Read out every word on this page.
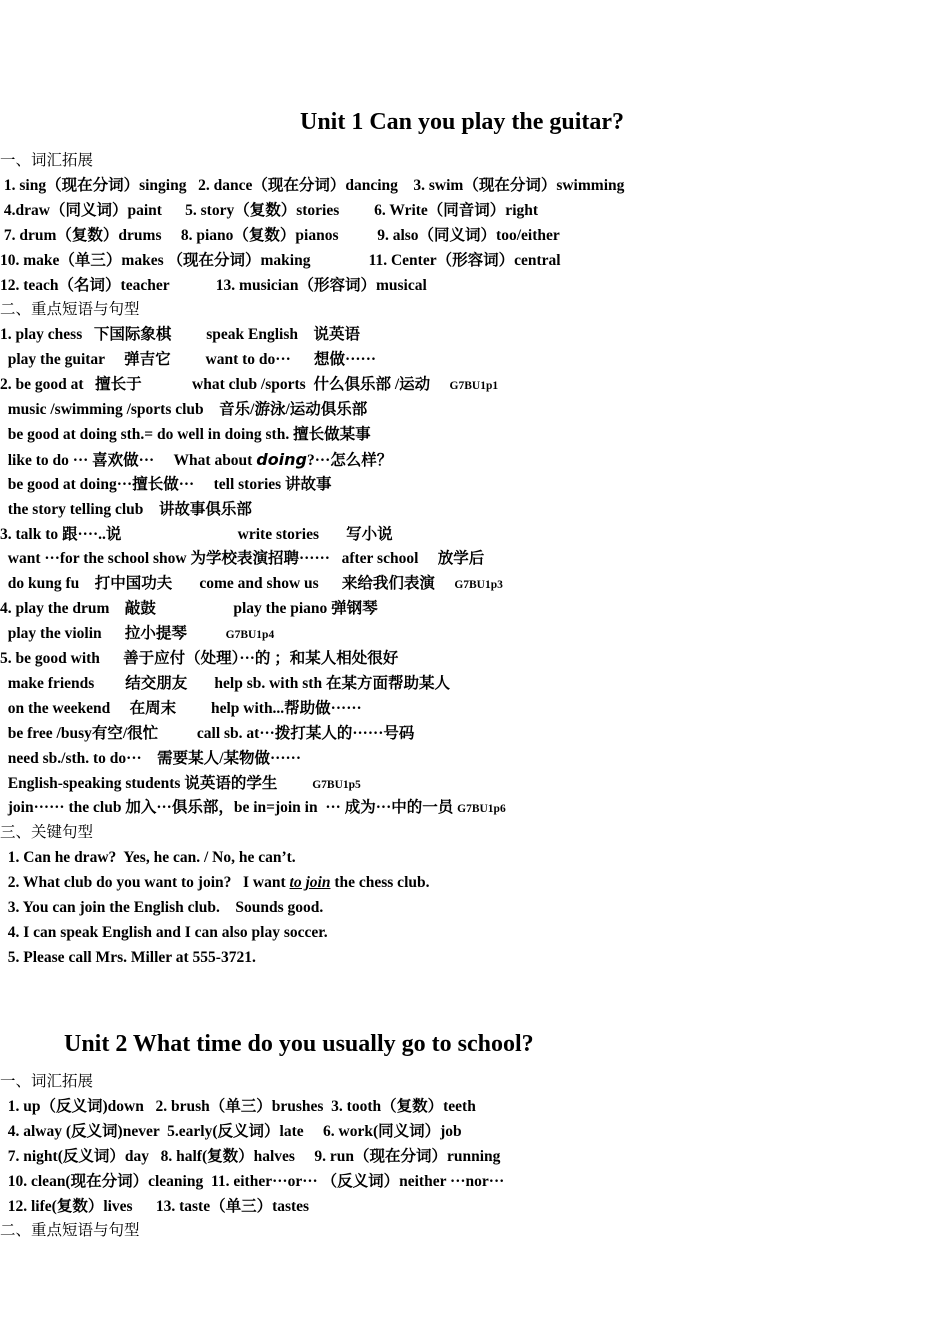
Unit 1 Can you play the guitar?
一、词汇拓展
1. sing（现在分词）singing   2. dance（现在分词）dancing    3. swim（现在分词）swimming
4.draw（同义词）paint      5. story（复数）stories         6. Write（同音词）right
7. drum（复数）drums     8. piano（复数）pianos          9. also（同义词）too/either
10. make（单三）makes （现在分词）making               11. Center（形容词）central
12. teach（名词）teacher            13. musician（形容词）musical
二、重点短语与句型
1. play chess   下国际象棋         speak English    说英语
play the guitar     弹吉它         want to do···      想做······
2. be good at   擅长于             what club /sports  什么俱乐部 /运动     G7BU1p1
music /swimming /sports club    音乐/游泳/运动俱乐部
be good at doing sth.= do well in doing sth. 擅长做某事
like to do ··· 喜欢做···     What about doing?···怎么样？
be good at doing···擅长做···     tell stories 讲故事
the story telling club    讲故事俱乐部
3. talk to 跟····..说                              write stories       写小说
want ···for the school show 为学校表演招聘······   after school     放学后
do kung fu    打中国功夫       come and show us      来给我们表演     G7BU1p3
4. play the drum    敲鼓                    play the piano 弹钢琴
play the violin      拉小提琴          G7BU1p4
5. be good with      善于应付（处理）···的 ；和某人相处很好
make friends        结交朋友       help sb. with sth 在某方面帮助某人
on the weekend     在周末         help with...帮助做······
be free /busy有空/很忙          call sb. at···拨打某人的······号码
need sb./sth. to do···    需要某人/某物做······
English-speaking students 说英语的学生         G7BU1p5
join······ the club 加入···俱乐部，be in=join in  ··· 成为···中的一员 G7BU1p6
三、关键句型
1. Can he draw?  Yes, he can. / No, he can’t.
2. What club do you want to join?   I want to join the chess club.
3. You can join the English club.    Sounds good.
4. I can speak English and I can also play soccer.
5. Please call Mrs. Miller at 555-3721.
Unit 2 What time do you usually go to school?
一、词汇拓展
1. up（反义词)down   2. brush（单三）brushes  3. tooth（复数）teeth
4. alway (反义词)never  5.early(反义词）late     6. work(同义词）job
7. night(反义词）day   8. half(复数）halves     9. run（现在分词）running
10. clean(现在分词）cleaning  11. either···or··· （反义词）neither ···nor···
12. life(复数）lives      13. taste（单三）tastes
二、重点短语与句型
